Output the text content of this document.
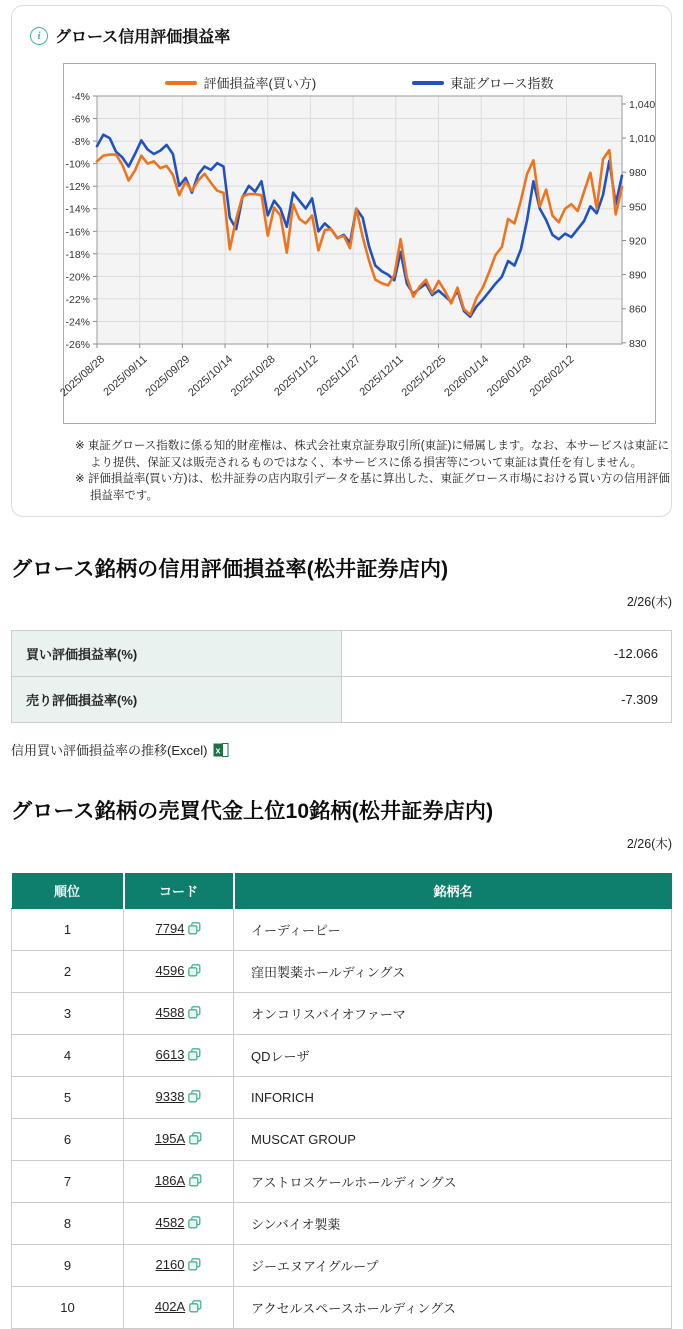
i グロース信用評価損益率
評価損益率(買い方)	東証グロース指数
2025/08/28
2025/09/11
2025/09/29
2025/10/14
2025/10/28
2025/11/12
2025/11/27
2025/12/11
2025/12/25
2026/01/14
2026/01/28
2026/02/12
-4%
-6%
-8%
-10%
-12%
-14%
-16%
-18%
-20%
-22%
-24%
-26%
1,040
1,010
980
950
920
890
860
830
※ 東証グロース指数に係る知的財産権は、株式会社東京証券取引所(東証)に帰属します。なお、本サービスは東証により提供、保証又は販売されるものではなく、本サービスに係る損害等について東証は責任を有しません。
※ 評価損益率(買い方)は、松井証券の店内取引データを基に算出した、東証グロース市場における買い方の信用評価損益率です。
グロース銘柄の信用評価損益率(松井証券店内)
2/26(木)
買い評価損益率(%)	-12.066
売り評価損益率(%)	-7.309
信用買い評価損益率の推移(Excel) x
グロース銘柄の売買代金上位10銘柄(松井証券店内)
2/26(木)
順位	コード	銘柄名
1	7794	イーディーピー
2	4596	窪田製薬ホールディングス
3	4588	オンコリスバイオファーマ
4	6613	QDレーザ
5	9338	INFORICH
6	195A	MUSCAT GROUP
7	186A	アストロスケールホールディングス
8	4582	シンバイオ製薬
9	2160	ジーエヌアイグループ
10	402A	アクセルスペースホールディングス
